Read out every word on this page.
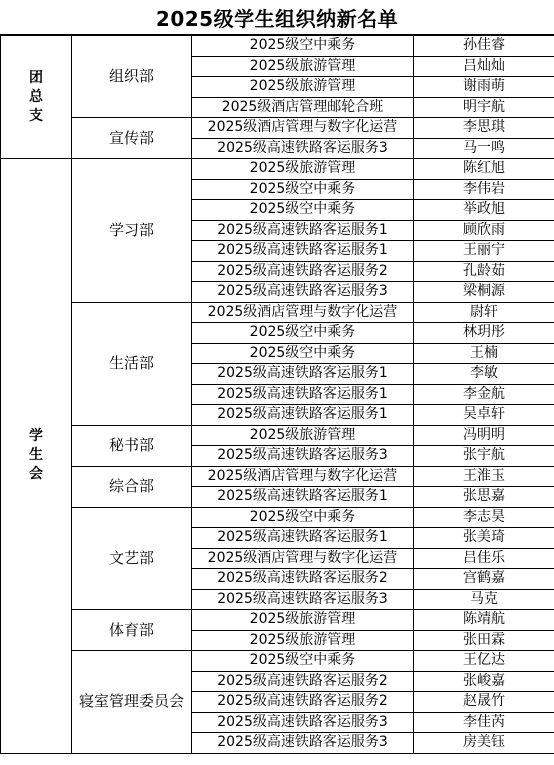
2025级学生组织纳新名单
团
总
支	组织部	2025级空中乘务	孙佳睿
		2025级旅游管理	吕灿灿
		2025级旅游管理	谢雨萌
		2025级酒店管理邮轮合班	明宇航
	宣传部	2025级酒店管理与数字化运营	李思琪
		2025级高速铁路客运服务3	马一鸣

学
生
会	学习部	2025级旅游管理	陈红旭
		2025级空中乘务	李伟岩
		2025级空中乘务	举政旭
		2025级高速铁路客运服务1	顾欣雨
		2025级高速铁路客运服务1	王丽宁
		2025级高速铁路客运服务2	孔龄茹
		2025级高速铁路客运服务3	梁桐源
	生活部	2025级酒店管理与数字化运营	尉轩
		2025级空中乘务	林玥彤
		2025级空中乘务	王楠
		2025级高速铁路客运服务1	李敏
		2025级高速铁路客运服务1	李金航
		2025级高速铁路客运服务1	吴卓轩
	秘书部	2025级旅游管理	冯明明
		2025级高速铁路客运服务3	张宇航
	综合部	2025级酒店管理与数字化运营	王淮玉
		2025级高速铁路客运服务1	张思嘉
	文艺部	2025级空中乘务	李志昊
		2025级高速铁路客运服务1	张美琦
		2025级酒店管理与数字化运营	吕佳乐
		2025级高速铁路客运服务2	宫鹤嘉
		2025级高速铁路客运服务3	马克
	体育部	2025级旅游管理	陈靖航
		2025级旅游管理	张田霖
	寝室管理委员会	2025级空中乘务	王亿达
		2025级高速铁路客运服务2	张峻嘉
		2025级高速铁路客运服务2	赵晟竹
		2025级高速铁路客运服务3	李佳芮
		2025级高速铁路客运服务3	房美钰
